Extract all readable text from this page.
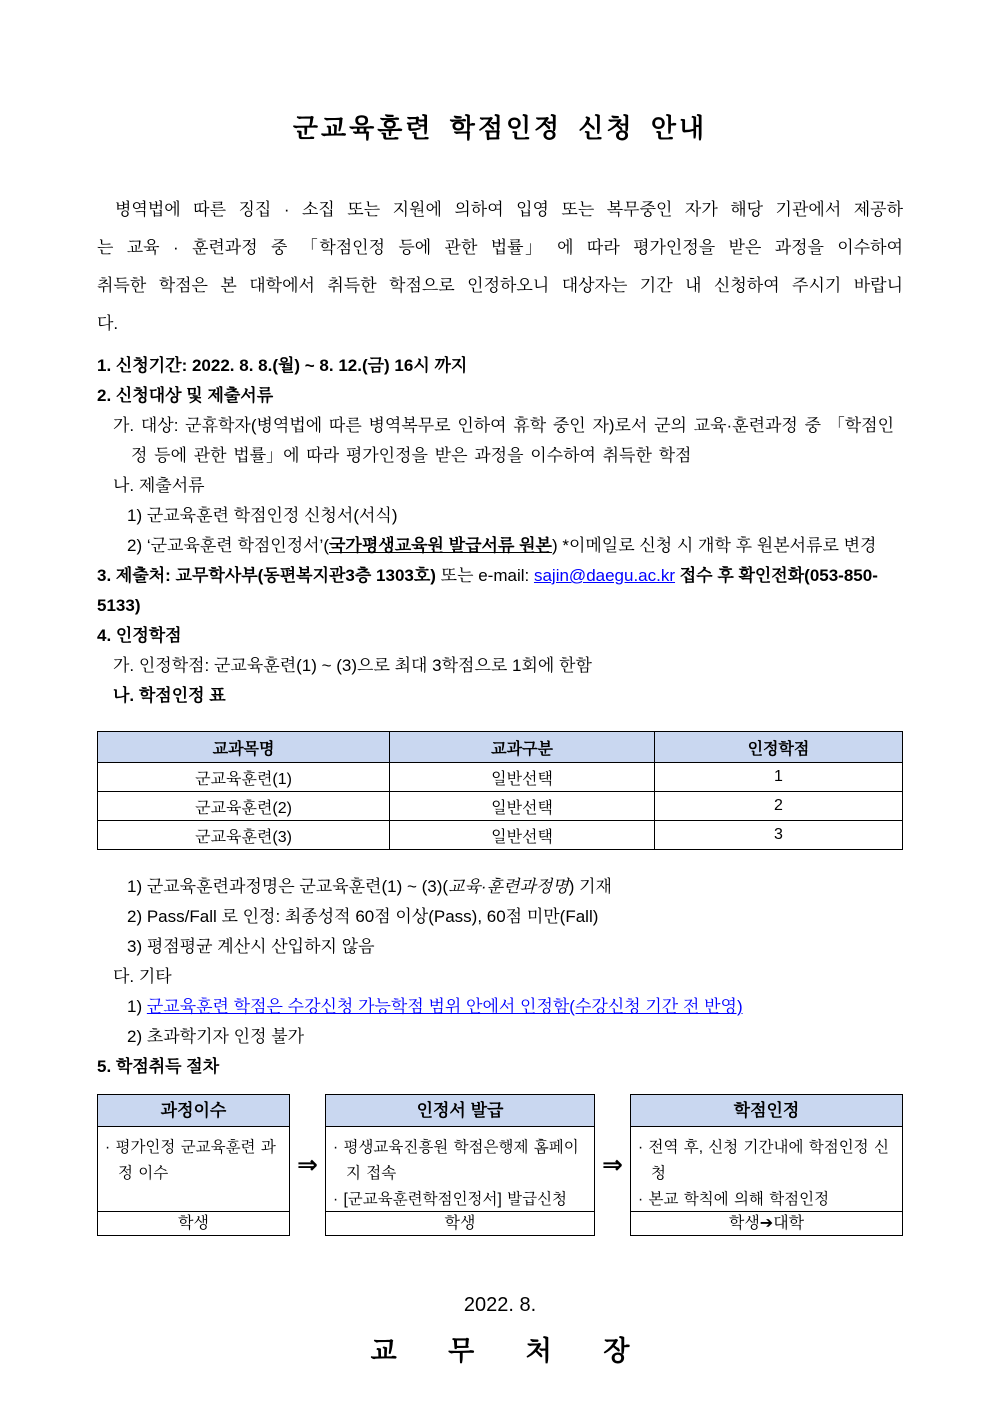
군교육훈련 학점인정 신청 안내
병역법에 따른 징집 · 소집 또는 지원에 의하여 입영 또는 복무중인 자가 해당 기관에서 제공하는 교육 · 훈련과정 중 「학점인정 등에 관한 법률」 에 따라 평가인정을 받은 과정을 이수하여 취득한 학점은 본 대학에서 취득한 학점으로 인정하오니 대상자는 기간 내 신청하여 주시기 바랍니다.
1. 신청기간: 2022. 8. 8.(월) ~ 8. 12.(금) 16시 까지
2. 신청대상 및 제출서류
가. 대상: 군휴학자(병역법에 따른 병역복무로 인하여 휴학 중인 자)로서 군의 교육·훈련과정 중 「학점인정 등에 관한 법률」에 따라 평가인정을 받은 과정을 이수하여 취득한 학점
나. 제출서류
1) 군교육훈련 학점인정 신청서(서식)
2) ‘군교육훈련 학점인정서’(국가평생교육원 발급서류 원본) *이메일로 신청 시 개학 후 원본서류로 변경
3. 제출처: 교무학사부(동편복지관3층 1303호) 또는 e-mail: sajin@daegu.ac.kr 접수 후 확인전화(053-850-5133)
4. 인정학점
가. 인정학점: 군교육훈련(1) ~ (3)으로 최대 3학점으로 1회에 한함
나. 학점인정 표
교과목명	교과구분	인정학점
군교육훈련(1)	일반선택	1
군교육훈련(2)	일반선택	2
군교육훈련(3)	일반선택	3
1) 군교육훈련과정명은 군교육훈련(1) ~ (3)(교육·훈련과정명) 기재
2) Pass/Fall 로 인정: 최종성적 60점 이상(Pass), 60점 미만(Fall)
3) 평점평균 계산시 산입하지 않음
다. 기타
1) 군교육훈련 학점은 수강신청 가능학점 범위 안에서 인정함(수강신청 기간 전 반영)
2) 초과학기자 인정 불가
5. 학점취득 절차
과정이수
· 평가인정 군교육훈련 과정 이수
학생
⇒
인정서 발급
· 평생교육진흥원 학점은행제 홈페이지 접속
· [군교육훈련학점인정서] 발급신청
학생
⇒
학점인정
· 전역 후, 신청 기간내에 학점인정 신청
· 본교 학칙에 의해 학점인정
학생➔대학
2022. 8.
교 무 처 장
